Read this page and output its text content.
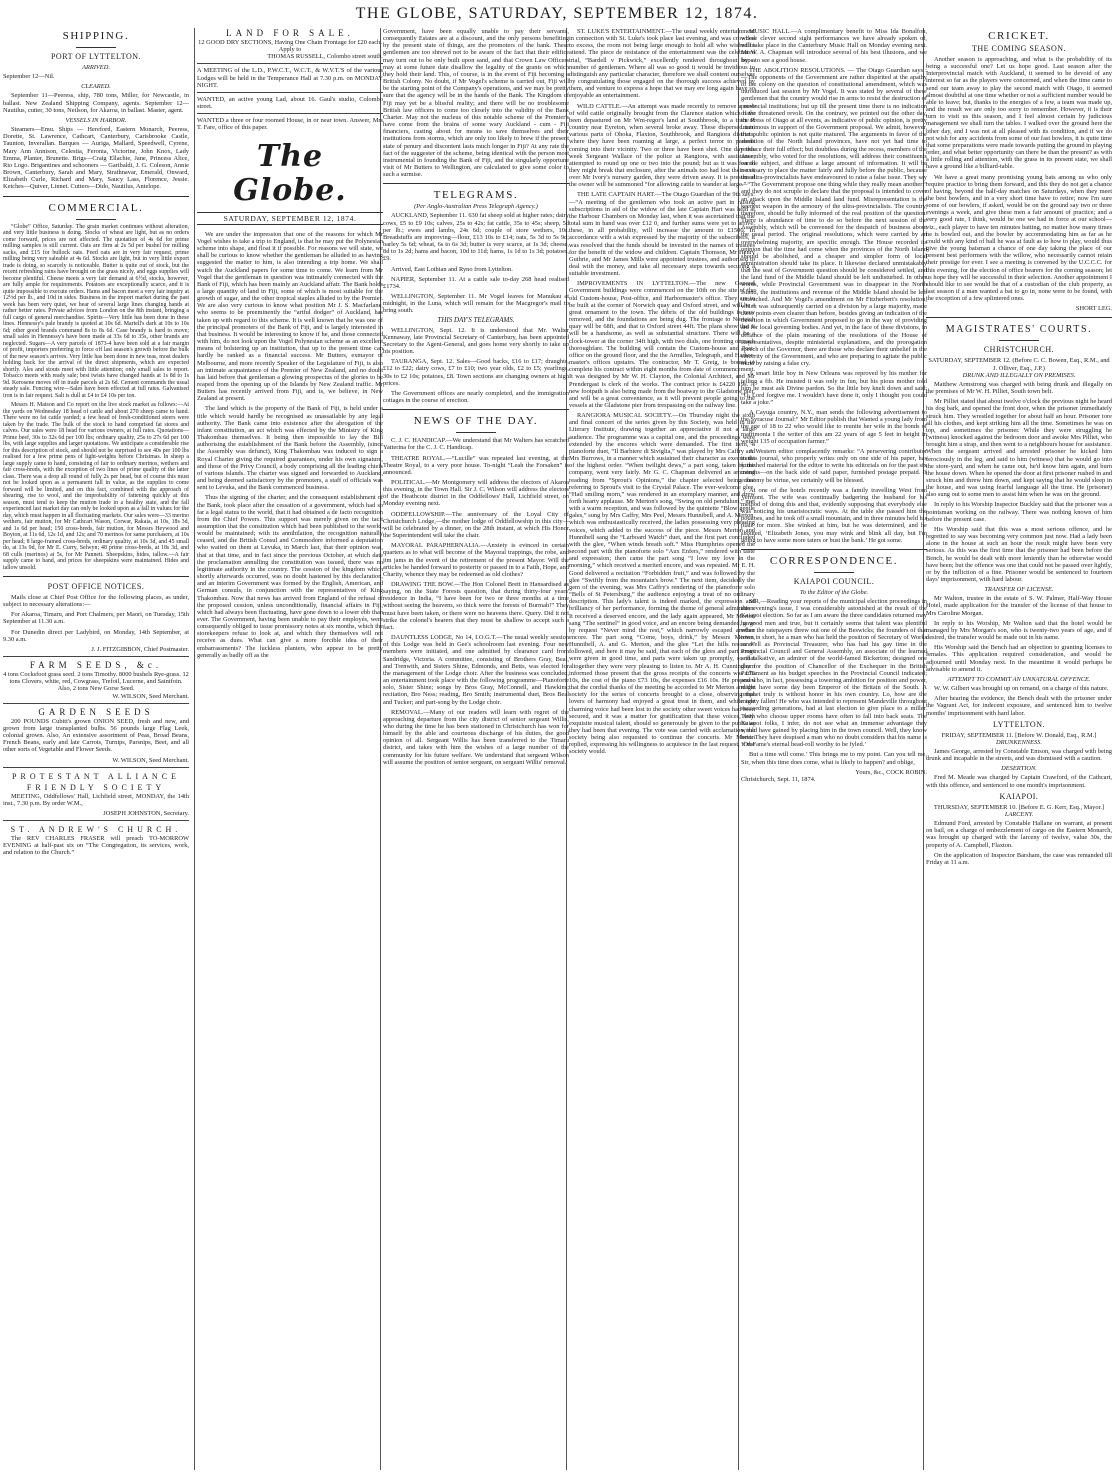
THE GLOBE, SATURDAY, SEPTEMBER 12, 1874.
SHIPPING.
PORT OF LYTTELTON.
ARRIVED.

September 12—Nil.

CLEARED.

September 11—Peeress, ship, 780 tons, Miller, for Newcastle, in ballast. New Zealand Shipping Company, agents. September 12—Nautilus, cutter, 30 tons, Neilson, for Akaroa, in ballast. Master, agent.

VESSELS IN HARBOR.

Steamers—Emu. Ships — Hereford, Eastern Monarch, Peeress, Dorette, St. Lawrence, Cathcart, Canterbury, Carisbrooke Castle, Taunton, Inverallan. Barques — Auriga, Mallard, Speedwell, Cyrene, Mary Ann Annison, Celestia, Feronia, Victorine, John Knox, Lady Emma, Planter, Brunette. Brigs—Craig Ellachie, Jane, Princess Alice, Rio Logo. Brigantines and schooners — Garibaldi, J. G. Coleson, Annie Brown, Canterbury, Sarah and Mary, Strathnavar, Emerald, Onward, Elizabeth Curle, Richard and Mary, Saucy Lass, Florence, Jessie. Ketches—Quiver, Linnet. Cutters—Dido, Nautilus, Antelope.

COMMERCIAL.

“Globe” Office, Saturday. The grain market continues without alteration, and very little business is doing. Stocks of wheat are light, but as no orders come forward, prices are not affected. The quotation of 4s 6d for prime milling samples is still current. Oats are firm at 2s 5d per bushel for milling sacks, and £15 for bullock oats. Feed oats are in very fair request, prime milling being very saleable at 4s 6d. Stocks are light, but in very little export trade is doing, so scarcely is noticeable. Butter is quite out of stock, but the recent refreshing rains have brought on the grass nicely, and eggs supplies will become plentiful. Cheese meets a very fair demand at 6½d, stocks, however, are fully ample for requirements. Potatoes are exceptionally scarce, and it is quite impossible to execute orders. Hams and bacon meet a very fair inquiry at 12½d per lb., and 10d in sides. Business in the import market during the past week has been very quiet, we hear of several large lines changing hands at rather better rates. Private advices from London on the 8th instant, bringing a full cargo of general merchandise. Spirits—Very little has been done in these lines. Hennessy's pale brandy is quoted at 10s 6d. Martell's dark at 10s to 10s 6d; other good brands command 8s to 8s 6d. Case brandy is hard to move; small sales in Hennessy's have been made at 33s 6d to 35s, other brands are neglected. Sugars—A very parcels of 1873-4 have been sold at a fair margin of profit, importers preferring to force off last season's growth before the bulk of the new season's arrives. Very little has been done in new teas, most dealers holding back for the arrival of the direct shipments, which are expected shortly. Ales and stouts meet with little attention; only small sales to report. Tobacco meets with ready sale; best twists have changed hands at 1s 8d to 1s 9d. Kerosene moves off in trade parcels at 2s 6d. Cement commands the usual steady sale. Fencing wire—Sales have been effected at full rates. Galvanised iron is in fair request. Salt is dull at £4 to £4 10s per ton.

Messrs H. Matson and Co report on the live stock market as follows:—At the yards on Wednesday 18 head of cattle and about 270 sheep came to hand. There were no fat cattle yarded; a few head of fresh-conditioned steers were taken by the trade. The bulk of the stock to hand comprised fat stores and calves. Our sales were 18 head for various owners, at full rates. Quotations—Prime beef, 30s to 32s 6d per 100 lbs; ordinary quality, 25s to 27s 6d per 100 lbs, with large supplies and larger quotations. We anticipate a considerable rise for this description of stock, and should not be surprised to see 40s per 100 lbs realised for a few prime pens of light-weights before Christmas. In sheep a large supply came to hand, consisting of fair to ordinary merinos, wethers and fair cross-breds, with the exception of two lines of prime quality of the latter class. There was a drop all round of fully 2s per head, but of course this must not be looked upon as a permanent fall in value, as the supplies to come forward will be limited, and on this fact, combined with the approach of shearing, rise to wool, and the improbability of fattening quickly at this season, must tend to keep the mutton trade in a healthy state, and the fall experienced last market day can only be looked upon as a fall in values for the day, which must happen in all fluctuating markets. Our sales were—33 merino wethers, fair mutton, for Mr Cathcart Wason, Corwar, Rakaia, at 10s, 18s 3d, and 1s 6d per head; 150 cross-breds, fair mutton, for Messrs Heywood and Boyton, at 11s 6d, 12s 1d, and 12s; and 70 merinos for same purchasers, at 10s per head; 8 large-framed cross-breds, ordinary quality, at 10s 3d, and 45 small do, at 13s 9d, for Mr E. Curry, Selwyn; 48 prime cross-breds, at 18s 3d, and 68 culls (merinos) at 5s, for Mr Pannett. Sheepskins, hides, tallow.—A fair supply came to hand, and prices for sheepskins were maintained. Hides and tallow unsold.

POST OFFICE NOTICES.

Mails close at Chief Post Office for the following places, as under, subject to necessary alterations:—

For Akaroa, Timaru, and Port Chalmers, per Maori, on Tuesday, 15th September at 11.30 a.m.

For Dunedin direct per Ladybird, on Monday, 14th September, at 9.30 a.m.

J. J. FITZGIBBON, Chief Postmaster.

FARM SEEDS, &c.

4 tons Cocksfoot grass seed. 2 tons Timothy. 8000 bushels Rye-grass. 12 tons Clovers, white, red, Cowgrass, Trefoil, Lucerne, and Saintfoin. Also, 2 tons New Gorse Seed.

W. WILSON, Seed Merchant.

GARDEN SEEDS

200 POUNDS Cubitt's grown ONION SEED, fresh and new, and grown from large transplanted bulbs. 56 pounds large Flag Leek, colonial grown. Also, An extensive assortment of Peas, Broad Beans, French Beans, early and late Carrots, Turnips, Parsnips, Beet, and all other sorts of Vegetable and Flower Seeds.

W. WILSON, Seed Merchant.

PROTESTANT ALLIANCE FRIENDLY SOCIETY

MEETING, Oddfellows' Hall, Lichfield street, MONDAY, the 14th inst., 7.30 p.m. By order W.M.,

JOSEPH JOHNSTON, Secretary.

ST. ANDREW'S CHURCH.

The REV CHARLES FRASER will preach TO-MORROW EVENING at half-past six on “The Congregation, its services, work, and relation to the Church.”

LAND FOR SALE.

12 GOOD DRY SECTIONS, Having One Chain Frontage for £20 each. Apply to

THOMAS RUSSELL, Colombo street south.

A MEETING of the L.D., P.W.C.T., W.C.T., & W.V.T.'S of the various Lodges will be held in the Temperance Hall at 7.30 p.m. on MONDAY NIGHT.

WANTED, an active young Lad, about 16. Gaul's studio, Colombo street.

WANTED a three or four roomed House, in or near town. Answer, Mrs T. Fare, office of this paper.

The Globe.
SATURDAY, SEPTEMBER 12, 1874.

We are under the impression that one of the reasons for which Mr Vogel wishes to take a trip to England, is that he may put the Polynesian scheme into shape, and float it if possible. For reasons we will state, we shall be curious to know whether the gentleman he alluded to as having suggested the matter to him, is also intending a trip home. We shall watch the Auckland papers for some time to come. We learn from Mr Vogel that the gentleman in question was intimately connected with the Bank of Fiji, which has been mainly an Auckland affair. The Bank holds a large quantity of land in Fiji, some of which is most suitable for the growth of sugar, and the other tropical staples alluded to by the Premier. We are also very curious to know what position Mr J. S. Macfarlane, who seems to be preeminently the “artful dodger” of Auckland, has taken up with regard to this scheme. It is well known that he was one of the principal promoters of the Bank of Fiji, and is largely interested in that business. It would be interesting to know if he, and those connected with him, do not look upon the Vogel Polynesian scheme as an excellent means of bolstering up an institution, that up to the present time can hardly be ranked as a financial success. Mr Butters, exmayor of Melbourne, and more recently Speaker of the Legislature of Fiji, is also an intimate acquaintance of the Premier of New Zealand, and no doubt has laid before that gentleman a glowing prospectus of the glories to be reaped from the opening up of the Islands by New Zealand traffic. Mr Butters has recently arrived from Fiji, and is, we believe, in New Zealand at present.

The land which is the property of the Bank of Fiji, is held under a title which would hardly be recognised as unassailable by any legal authority. The Bank came into existence after the abrogation of the infant constitution, an act which was effected by the Ministry of King Thakombau themselves. It being then impossible to lay the Bill authorising the establishment of the Bank before the Assembly, (since the Assembly was defunct), King Thakombau was induced to sign a Royal Charter giving the required guarantees, under his own signature, and those of the Privy Council, a body comprising all the leading chiefs of various islands. The charter was signed and forwarded to Auckland, and being deemed satisfactory by the promoters, a staff of officials was sent to Levuka, and the Bank commenced business.

Thus the signing of the charter, and the consequent establishment of the Bank, took place after the cessation of a government, which had so far a legal status to the world, that it had obtained a de facto recognition from the Chief Powers. This support was merely given on the tacit assumption that the constitution which had been published to the world, would be maintained; with its annihilation, the recognition naturally ceased, and the British Consul and Commodore informed a deputation who waited on them at Levuka, in March last, that their opinion was, that at that time, and in fact since the previous October, at which date the proclamation annulling the constitution was issued, there was no legitimate authority in the country. The cession of the kingdom which shortly afterwards occurred, was no doubt hastened by this declaration, and an interim Government was formed by the English, American, and German consuls, in conjunction with the representatives of King Thakombau. Now that news has arrived from England of the refusal of the proposed cession, unless unconditionally, financial affairs in Fiji, which had always been fluctuating, have gone down to a lower ebb than ever. The Government, having been unable to pay their employés, were consequently obliged to issue promissory notes at six months, which the storekeepers refuse to look at, and which they themselves will not receive as dues. What can give a more forcible idea of their embarrassments? The luckless planters, who appear to be pretty generally as badly off as the

Government, have been equally unable to pay their servants, consequently Estates are at a discount, and the only persons benefiting by the present state of things, are the promoters of the bank. These gentlemen are too shrewd not to be aware of the fact that their edifice may turn out to be only built upon sand, and that Crown Law Officers may at some future date disallow the legality of the grants on which they hold their land. This, of course, is in the event of Fiji becoming a British Colony. No doubt, if Mr Vogel's scheme is carried out, Fiji will be the starting point of the Company's operations, and we may be pretty sure that the agency will be in the hands of the Bank. The Kingdom of Fiji may yet be a blissful reality; and there will be no troublesome British law officers to come too closely into the validity of the Bank Charter. May not the nucleus of this notable scheme of the Premier's have come from the brains of some wary Auckland - cum - Fiji financiers, casting about for means to save themselves and their institutions from storms, which are only too likely to brew if the present state of penury and discontent lasts much longer in Fiji? At any rate the fact of the suggester of the scheme, being identical with the person most instrumental in founding the Bank of Fiji, and the singularly opportune visit of Mr Butters to Wellington, are calculated to give some color to such a surmise.

TELEGRAMS.
(Per Anglo-Australian Press Telegraph Agency.)

AUCKLAND, September 11. 630 fat sheep sold at higher rates; dairy cows, £5 to £9 10s; calves, 25s to 42s; fat cattle, 35s to 45s; sheep, 5d per lb.; ewes and lambs, 24s 6d; couple of store wethers, 10s. Breadstuffs are improving—flour, £13 10s to £14; oats, 5s 3d to 5s 9d; barley 5s 6d; wheat, 6s to 6s 3d; butter is very scarce, at 1s 3d; cheese, 8d to 1s 2d; hams and bacon, 10d to 11d; hams, 1s 1d to 1s 3d; potatoes, £9.

Arrived, East Lothian and Ryno from Lyttelton.

NAPIER, September 11. At a cattle sale to-day 268 head realised £1734.

WELLINGTON, September 11. Mr Vogel leaves for Manukau at midnight, in the Luna, which will remain for the Macgregor's mail to bring south.

THIS DAY'S TELEGRAMS.

WELLINGTON, Sept. 12. It is understood that Mr. Walter Kennaway, late Provincial Secretary of Canterbury, has been appointed Secretary to the Agent-General, and goes home very shortly to take up his position.

TAURANGA, Sept. 12. Sales—Good backs, £16 to £17; draughts, £12 to £22; dairy cows, £7 to £10; two year olds, £2 to £5; yearlings, 30s to £2 10s; potatoes, £8. Town sections are changing owners at high prices.

The Government offices are nearly completed, and the immigration cottages in the course of erection.

NEWS OF THE DAY.

C. J. C. HANDICAP.—We understand that Mr Walters has scratched Yatterina for the C. J. C. Handicap.

THEATRE ROYAL.—“Lucille” was repeated last evening, at the Theatre Royal, to a very poor house. To-night “Leah the Forsaken” is announced.

POLITICAL.—Mr Montgomery will address the electors of Akaroa this evening, in the Town Hall. Sir J. C. Wilson will address the electors of the Heathcote district in the Oddfellows' Hall, Lichfield street, on Monday evening next.

ODDFELLOWSHIP.—The anniversary of the Loyal City of Christchurch Lodge,—the mother lodge of Oddfellowship in this city—will be celebrated by a dinner, on the 28th instant, at which His Honor the Superintendent will take the chair.

MAYORAL PARAPHERNALIA.—Anxiety is evinced in certain quarters as to what will become of the Mayoral trappings, the robe, and jim jams in the event of the retirement of the present Mayor. Will the articles be handed forward to posterity or passed in to a Faith, Hope, and Charity, whence they may be redeemed as old clothes?

DRAWING THE BOW.—The Hon Colonel Brett in Hansardised as saying, on the State Forests question, that during thirty-four years' residence in India, “I have been for two or three months at a time without seeing the heavens, so thick were the forests of Burmah!” They must have been taken, or there were no heavens there. Query. Did it not strike the colonel's hearers that they must be shallow to accept such a fact.

DAUNTLESS LODGE, No 14, I.O.G.T.—The usual weekly session of this Lodge was held in Gee's schoolroom last evening. Four new members were initiated, and one admitted by clearance card from Sandridge, Victoria. A committee, consisting of Brothers Gray, Beal, and Trenwith, and Sisters Shine, Edmonds, and Betts, was elected for the management of the Lodge choir. After the business was concluded, an entertainment took place with the following programme—Pianoforte solo, Sister Shine; songs by Bros Gray, McConnell, and Hawkins; recitation, Bro Ness; reading, Bro Smith; instrumental duet, Bros Beal and Tucker; and part-song by the Lodge choir.

REMOVAL.—Many of our readers will learn with regret of the approaching departure from the city district of senior sergeant Willis, who during the time he has been stationed in Christchurch has won for himself by the able and courteous discharge of his duties, the good opinion of all. Sergeant Willis has been transferred to the Timaru district, and takes with him the wishes of a large number of the community for his future welfare. We understand that sergeant Wilson will assume the position of senior sergeant, on sergeant Willis' removal.

ST. LUKE'S ENTERTAINMENT.—The usual weekly entertainment in connection with St. Luke's took place last evening, and was crowded to excess, the room not being large enough to hold all who wished to attend. The piece de resistance of the entertainment was the celebrated trial, “Bardell v Pickwick,” excellently rendered throughout by a number of gentlemen. Where all was so good it would be invidious to distinguish any particular character, therefore we shall content ourselves by congratulating those engaged on the thorough success achieved by them, and venture to express a hope that we may ere long again have so enjoyable an entertainment.

WILD CATTLE.—An attempt was made recently to remove a mob of wild cattle originally brought from the Clarence station which have been depastured on Mr Wm-regor's land at Southbrook, to a tract of country near Eyreton, when several broke away. These dispersed into various parts of Ohoka, Flaxton, Southbrook, and Rangiora districts, where they have been roaming at large, a perfect terror to persons coming into their vicinity. Two or three have been shot. One day this week Sergeant Wallace of the police at Rangiora, with assistance, attempted to round up one or two into the pound; but as it was feared they might break that enclosure, after the animals too had lost their exit over Mr Ivory's nursery garden, they were driven away. It is presumed the owner will be summoned “for allowing cattle to wander at large.”

THE LATE CAPTAIN HART.—The Otago Guardian of the 9th says:—“A meeting of the gentlemen who took an active part in raising subscriptions in aid of the widow of the late Captain Hart was held at the Harbour Chambers on Monday last, when it was ascertained that the total sum in hand was over £12 0, and further sums were yet to arrive; these, in all probability, will increase the amount to £1500. In accordance with a wish expressed by the majority of the subscribers, it was resolved that the funds should be invested in the names of trustees for the benefit of the widow and children. Captain Thomson, Mr Henry Guthrie, and Mr James Mills were appointed trustees, and authorised to deal with the money, and take all necessary steps towards securing a suitable investment.

IMPROVEMENTS IN LYTTELTON.—The new General Government buildings were commenced on the 10th on the site of the old Custom-house, Post-office, and Harbormaster's office. They are to be built at the corner of Norwich quay and Oxford street, and will be a great ornament to the town. The débris of the old buildings is now removed, and the foundations are being dug. The frontage to Norwich quay will be 68ft, and that to Oxford street 44ft. The plans show that it will be a handsome, as well as substantial structure. There will be a clock-tower at the corner 34ft high, with two dials, one fronting on each thoroughfare. The building will contain the Custom-house and Post-office on the ground floor, and the the Armilles, Telegraph, and Harbor-master's offices upstairs. The contractor, Mr T. Greig, is bound to complete his contract within eight months from date of commencement. It was designed by Mr W. H. Clayton, the Colonial Architect, and Mr Prendergast is clerk of the works. The contract price is £4220 19s. A new footpath is also being made from the boatway to the Gladstone pier, and will be a great convenience, as it will prevent people going to the vessels at the Gladstone pier from trespassing on the railway line.

RANGIORA MUSICAL SOCIETY.—On Thursday night the sixth and final concert of the series given by this Society, was held in the Literary Institute, drawing together an appreciative if not a large audience. The programme was a capital one, and the proceedings were extended by the encores which were demanded. The first item, a pianoforte duet, “Il Barbiere di Siviglia,” was played by Mrs Caffry and Mrs Burrows, in a manner which sustained their character as executants of the highest order. “When twilight dews,” a part song, taken by the company, went very fairly. Mr G. C. Chapman delivered an amusing reading from “Sprout's Opinions,” the chapter selected being that referring to Sprout's visit to the Crystal Palace. The ever-welcome glee, “Hail smiling morn,” was rendered in an exemplary manner, and drew forth hearty applause. Mr Merton's song, “Swing on old pendulum,” met with a warm reception, and was followed by the quintette “Blow gentle gales,” sung by Mrs Caffry, Mrs Peel, Messrs Hunnibell, and A. Merton, which was enthusiastically received, the ladies possessing very pleasing voices, which added to the success of the piece. Messrs Merton and Hunnibell sang the “Larboard Watch” duet, and the first part concluded with the glee, “When winds breath soft.” Miss Humphries opened the second part with the pianoforte solo “Aux Enfers,” rendered with taste and expression; then came the part song “I love my love in the morning,” which received a merited encore, and was repeated. Mr E. H. Good delivered a recitation “Forbidden fruit,” and was followed by the glee “Swiftly from the mountain's brow.” The next item, decidedly the gem of the evening, was Mrs Caffry's rendering of the pianoforte solo “Bells of St Petersburg,” the audience enjoying a treat of no ordinary description. This lady's talent is indeed marked, the expression and brilliancy of her performance, forming the theme of general admiration. It received a deserved encore, and the lady again appeared, Mr Merton sang “The sentinel” in good voice, and an encore being demanded, gave by request “Never mind the rest,” which narrowly escaped another encore. The part song “Come, boys, drink,” by Messrs Merton, Hunnibell, A. and G. Merton, and the glee “Let the hills resound” followed, and here it may be said, that each of the glees and part songs were given in good time, and parts were taken up promptly, so that altogether they were very pleasing to listen to. Mr A. H. Cunningham informed those present that the gross receipts of the concerts was £76 10s, the cost of the piano £73 10s, the expenses £16 10s. He proposed that the cordial thanks of the meeting be accorded to Mr Merton and the society for the series of concerts brought to a close, observing that lovers of harmony had enjoyed a great treat in them, and while one charming voice had been lost to the society other sweet voices had been secured, and it was a matter for gratification that these voices, with exquisite musical talent, should so generously be given to the public as they had been that evening. The vote was carried with acclamation, the society being also requested to continue the concerts. Mr Merton replied, expressing his willingness to acquiesce in the last request, if the society would.

MUSIC HALL.—A complimentary benefit to Miss Ida Bonalfon, whose clever second sight performances we have already spoken of, will take place in the Canterbury Music Hall on Monday evening next. Mr W. A. Chapman will introduce several of his best illusions, and we hope to see a good house.

THE ABOLITION RESOLUTIONS. — The Otago Guardian says :—The opponents of the Government are rather dispirited at the apathy of the colony on the question of constitutional amendment, which was introduced last session by Mr Vogel. It was stated by several of these gentlemen that the country would rise in arms to resist the destruction of provincial institutions; but up till the present time there is no indication of the threatened revolt. On the contrary, we pointed out the other day, the Press of Otago at all events, as indicative of public opinion, is pretty unanimous in support of the Government proposal. We admit, however, that public opinion is not quite matured. The arguments in favor of the abolition of the North Island provinces, have not yet had time to produce their full effect; but doubtless during the recess, members of the Assembly, who voted for the resolutions, will address their constituents on the subject, and diffuse a large amount of information. It will be necessary to place the matter fairly and fully before the public, because the ultra-provincialists have endeavoured to raise a false issue. They say—“The Government propose one thing while they really mean another;” and they do not scruple to declare that the proposal is intended to cover an attack upon the Middle Island land fund. Misrepresentation is the keenest weapon in the armoury of the ultra-provincialists. The country, therefore, should be fully informed of the real position of the question. There is abundance of time to do so before the next session of the Assembly, which will be convened for the despatch of business about the usual period. The original resolutions, which were carried by an overwhelming majority, are specific enough. The House recorded its opinion that the time had come when the provinces of the North Island should be abolished, and a cheaper and simpler form of local administration should take its place. It likewise declared unmistakably that the seat of Government question should be considered settled, and the land fund of the Middle Island should be left undisturbed. In other words, while Provincial Government was to disappear in the North Island, the institutions and revenue of the Middle Island should be left untouched. And Mr Vogel's amendment on Mr Fitzherbert's resolution, which was subsequently carried on a division by a large majority, made these points even clearer than before, besides giving an indication of the direction in which Government proposed to go in the way of providing aid for local governing bodies. And yet, in the face of these divisions, in defiance of the plain meaning of the resolutions of the House of Representatives, despite ministerial explanations, and the prorogation speech of the Governor, there are those who declare their unbelief in the sincerity of the Government, and who are preparing to agitate the public mind by raising a false cry.

A smart little boy in New Orleans was reproved by his mother for telling a fib. He insisted it was only in fun, but his pious mother told him he must ask Divine pardon. So the little boy knelt down and said: “O, Lord forgive me. I wouldn't have done it, only I thought you could take a joke.”

A Cayuga country, N.Y., man sends the following advertisement to the Syracuse Journal:“ Mr Editor publish that Wanted a young lady from the age of 18 to 22 who would like to reunite her wife in the bonds of matrimonia I the writer of this am 22 years of age 5 feet in height in weight 135 of occupation farmer.”

A Western editor complacently remarks: “A persevering contributor to this journal, who properly writes only on one side of his paper, has furnished material for the editor to write his editorials on for the past six months—on the back side of said paper, furnished postage prepaid. If economy be virtue, we certainly will be blessed.

At one of the hotels recently was a family travelling West from Vermont. The wife was continually badgering the husband for his method of doing this and that, evidently supposing that everybody else was noticing his unaristocratic ways. At the table she passed him the potatoes, and he took off a small mountain, and in three minutes held his plate for more. She winked at him, but he was determined, and he shouted, ‘Elizabeth Jones, you may wink and blink all day, but I'm going to have some more taters or bust the bank.’ He got some.

CORRESPONDENCE.
KAIAPOI COUNCIL.
To the Editor of the Globe.

SIR,—Reading your reports of the municipal election proceedings in this evening's issue, I was considerably astonished at the result of the Kaiapoi election. So far as I am aware the three candidates returned may be good men and true, but it certainly seems that talent was plentiful when the ratepayers threw out one of the Beswicks; the founders of that town in short, he a man who has held the position of Secretary of Works as well as Provincial Treasurer, who has had his gay time in the Provincial Council and General Assembly, an associate of the learned and talkative, an admirer of the world-famed Bickerton; designed one day for the position of Chancellor of the Exchequer in the British Parliament as his budget speeches in the Provincial Council indicated; and who, in fact, possessing a towering ambition for position and power, might have some day been Emperor of the Britain of the South. A prophet truly is without honor in his own country. Lo, how are the mighty fallen! He who was intended to represent Mandeville throughout succeeding generations, had at last election to give place to a miller. They who choose upper rooms have often to fall into back seats. The Kaiapoi folks, I infer, do not see what an immense advantage they would have gained by placing him in the town council. Well, they know best. They have despised a man who no doubt considers that his name is ‘On Fame's eternal bead-roll worthy to be fyled.’

But a time will come.’ This brings me to my point. Can you tell me, Sir, when this time does come, what is likely to happen? and oblige,

Yours, &c., COCK ROBIN.

Christchurch, Sept. 11, 1874.

CRICKET.
THE COMING SEASON.

Another season is approaching, and what is the probability of its being a successful one? Let us hope good. Last season after the Interprovincial match with Auckland, it seemed to be devoid of any interest so far as the players were concerned, and when the time came to send our team away to play the second match with Otago, it seemed almost doubtful at one time whether or not a sufficient number would be able to leave; but, thanks to the energies of a few, a team was made up, and the result we are only too sorry to remember. However, it is their turn to visit us this season, and I feel almost certain by judicious management we shall turn the tables. I walked over the ground here the other day, and I was not at all pleased with its condition, and if we do not wish for any accidents from some of our fast bowlers, it is quite time that some preparations were made towards putting the ground in playing order, and what better opportunity can there be than the present? as with a little rolling and attention, with the grass in its present state, we shall have a ground like a billiard-table.

We have a great many promising young bats among us who only require practice to bring them forward, and this they do not get a chance of having, beyond the half-day matches on Saturdays, when they meet the best bowlers, and in a very short time have to retire; now I'm sure some of our bowlers, if asked, would be on the ground say two or three evenings a week, and give these men a fair amount of practice; and a very good rate, I think, would be one we had in force at our school—viz., each player to have ten minutes batting, no matter how many times he is bowled out, and the bowler by accommodating him as far as he could with any kind of ball he was at fault as to how to play, would thus give the young batsman a chance of one day taking the place of our present best performers with the willow, who necessarily cannot retain their prestige for ever. I see a meeting is convened by the U.C.C.C. for this evening, for the election of office bearers for the coming season; let us hope they will be successful in their selection. Another appointment I should like to see would be that of a custodian of the club property, as last season if a man wanted a bat to go in, none were to be found, with the exception of a few splintered ones.

SHORT LEG.

MAGISTRATES' COURTS.
CHRISTCHURCH.

SATURDAY, SEPTEMBER 12. (Before C. C. Bowen, Esq., R.M., and J. Olliver, Esq., J.P.)

DRUNK AND ILLEGALLY ON PREMISES.

Matthew Armstrong was charged with being drunk and illegally on the premises of Mr W. H. Pilliet, South town belt.

Mr Pilliet stated that about twelve o'clock the previous night he heard his dog bark, and opened the front door, when the prisoner immediately struck him. They wrestled together for about half an hour. Prisoner tore all his clothes, and kept striking him all the time. Sometimes he was on top, and sometimes the prisoner. While they were struggling he (witness) knocked against the bedroom door and awoke Mrs Pilliet, who brought him a strap, and then went to a neighbours house for assistance. When the sergeant arrived and arrested prisoner he kicked him ferociously in the leg, and said to him (witness) that he would go into the store-yard, and when he came out, he'd know him again, and burn the house down. When he opened the door at first prisoner rushed in and struck him and threw him down, and kept saying that he would sleep in the house, and was using fearful language all the time. He (prisoner) also sung out to some men to assist him when he was on the ground.

In reply to his Worship Inspector Buckley said that the prisoner was a pointsman working on the railway. There was nothing known of him before the present case.

His Worship said that this was a most serious offence, and he regretted to say was becoming very common just now. Had a lady been alone in the house at such an hour the result might have been very serious. As this was the first time that the prisoner had been before the Bench, he would be dealt with more leniently than he otherwise would have been; but the offence was one that could not be passed over lightly, or by the infliction of a fine. Prisoner would be sentenced to fourteen days' imprisonment, with hard labour.

TRANSFER OF LICENSE.

Mr Walton, trustee in the estate of S. W. Palmer, Half-Way House Hotel, made application for the transfer of the license of that house to Mrs Caroline Morgan.

In reply to his Worship, Mr Walton said that the hotel would be managed by Mrs Morgan's son, who is twenty-two years of age, and if desired, the transfer would be made out in his name.

His Worship said the Bench had an objection to granting licenses to females. This application required consideration, and would be adjourned until Monday next. In the meantime it would perhaps be advisable to amend it.

ATTEMPT TO COMMIT AN UNNATURAL OFFENCE.

W. W. Gilbert was brought up on remand, on a charge of this nature.

After hearing the evidence, the Bench dealt with the prisoner under the Vagrant Act, for indecent exposure, and sentenced him to twelve months' imprisonment with hard labor.

LYTTELTON.

FRIDAY, SEPTEMBER 11. [Before W. Donald, Esq., R.M.]

DRUNKENNESS.

James George, arrested by Constable Emson, was charged with being drunk and incapable in the streets, and was dismissed with a caution.

DESERTION.

Fred M. Meade was charged by Captain Crawford, of the Cathcart, with this offence, and sentenced to one month's imprisonment.

KAIAPOI.

THURSDAY, SEPTEMBER 10. [Before E. G. Kerr, Esq., Mayor.]

LARCENY.

Edmund Ford, arrested by Constable Hallane on warrant, at present on bail, on a charge of embezzlement of cargo on the Eastern Monarch, was brought up charged with the larceny of twelve, value 30s, the property of A. Campbell, Flaxton.

On the application of Inspector Barsham, the case was remanded till Friday at 11 a.m.
